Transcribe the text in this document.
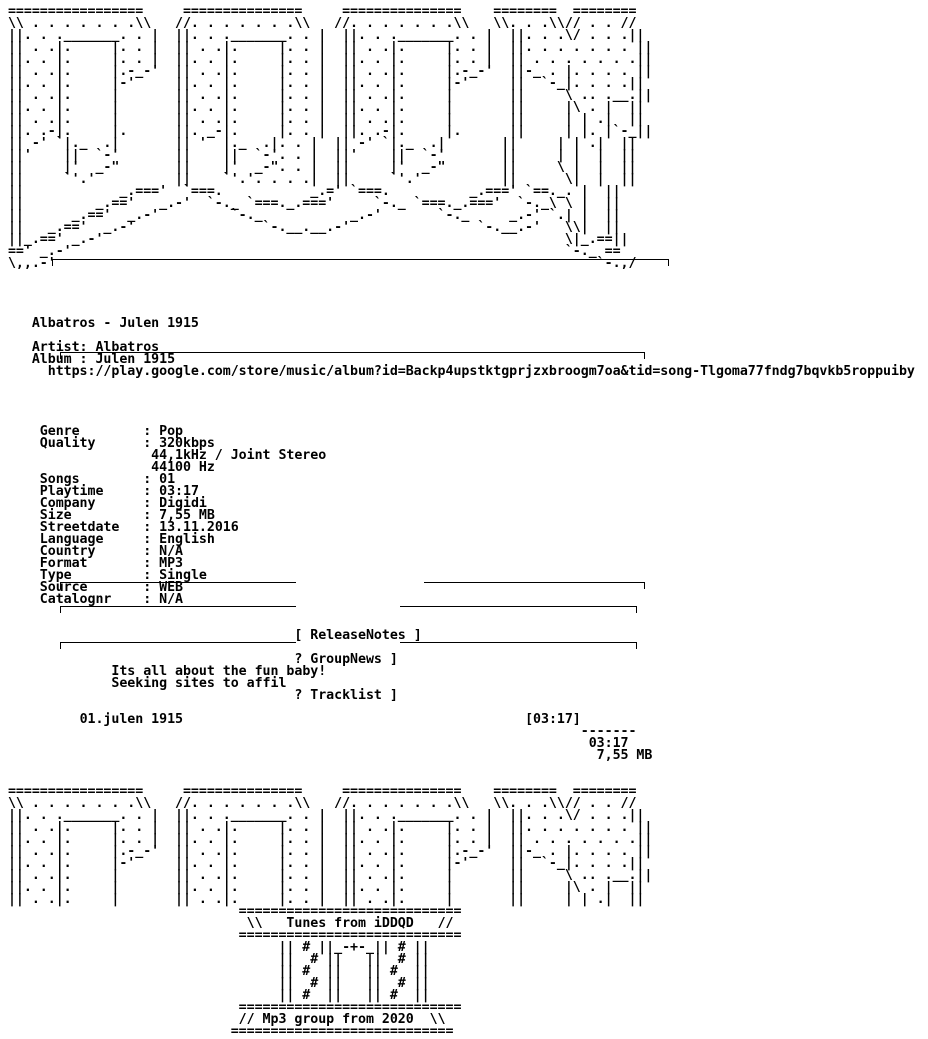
=================     ===============     ===============    ========  ========
\\ . . . . . . .\\   //. . . . . . .\\   //. . . . . . .\\   \\. . .\\// . . //
||. . ._______. . |  ||. . ._______. . |  ||. . ._______. . |  ||. . .\/ . . .||
|| . .|.     |. . |  || . .|.     |. . |  || . .|.     |. . |  ||. . . . . . . ||
||. . |.     |. . |  ||. . |.     |. . |  ||. . |.     |. . |  || . . . . . . .||
|| . .|.     |.-_-'  || . .|.     |. . |  || . .|.     |.-_-'  ||-_ . |. . . . ||
||. . |.     |-'     ||. . |.     |. . |  ||. . |.     |-'     ||  `-_|. . . .||
|| . .|.     |       || . .|.     |. . |  || . .|.     |       ||     \ .. .__.||
||. . |.     |       ||. . |.     |. . |  ||. . |.     |       ||     |\ . |  ||
|| . .|.     |       || . .|.     |. . |  || . .|.     |       ||     | | .|  ||
||. .-|.     |.      ||. _-|.     |. . |  ||. .-|.     |.      ||     | |. |`-_||
|| -' `|._  .|       || '  |._  .|. . |  || -' `|._  .|       ||     | | .|  ||
||'    ||  `-'       ||    ||  `-'. . |  ||'    ||  `-'       ||     | |  |  ||
||     |'  _-"       ||    |'  _-". . |  ||     |'  _-"       ||     \ |  |  ||
||     `'.'          ||    `'.'. . . .|  ||     `'.'          ||      \|  |  ||
||            _.==='  `===.           _.=' `===.          _.===' `==._. |  ||
||         _.=='   _.-'  `-._ `===._.==='     `-._ `===._.==='  `-._\ \ |  ||
||      _.=='  _.-'         `-._           _.-'       `-._     _.-' `.| |  ||
||   _.=='  _.-'                `-.__.__.-'                `-.__.-'   \\|  ||
||_.==' _.-'                                                          \|_.==||
==' _.-'                                                              `-._ ==
\,,.-'                                                                    `-.,/

Albatros - Julen 1915

Artist: Albatros
Album : Julen 1915
https://play.google.com/store/music/album?id=Backp4upstktgprjzxbroogm7oa&tid=song-Tlgoma77fndg7bqvkb5roppuiby

Genre        : Pop
Quality      : 320kbps
44,1kHz / Joint Stereo
44100 Hz
Songs        : 01
Playtime     : 03:17
Company      : Digidi
Size         : 7,55 MB
Streetdate   : 13.11.2016
Language     : English
Country      : N/A
Format       : MP3
Type         : Single
Source       : WEB
Catalognr    : N/A

[ ReleaseNotes ]

? GroupNews ]
Its all about the fun baby!
Seeking sites to affil
? Tracklist ]

01.julen 1915	[03:17]
-------
03:17
7,55 MB

=================     ===============     ===============    ========  ========
\\ . . . . . . .\\   //. . . . . . .\\   //. . . . . . .\\   \\. . .\\// . . //
||. . ._______. . |  ||. . ._______. . |  ||. . ._______. . |  ||. . .\/ . . .||
|| . .|.     |. . |  || . .|.     |. . |  || . .|.     |. . |  ||. . . . . . . ||
||. . |.     |. . |  ||. . |.     |. . |  ||. . |.     |. . |  || . . . . . . .||
|| . .|.     |.-_-'  || . .|.     |. . |  || . .|.     |.-_-'  ||-_ . |. . . . ||
||. . |.     |-'     ||. . |.     |. . |  ||. . |.     |-'     ||  `-_|. . . .||
|| . .|.     |       || . .|.     |. . |  || . .|.     |       ||     \ .. .__.||
||. . |.     |       ||. . |.     |. . |  ||. . |.     |       ||     |\ . |  ||
|| . .|.     |       || . .|.     |. . |  || . .|.     |       ||     | | .|  ||
============================
\\   Tunes from iDDQD   //
============================
|| # ||_-+-_|| # ||
||  # ||   ||  # ||
|| #  ||   || #  ||
||  # ||   ||  # ||
|| #  ||   || #  ||
============================
// Mp3 group from 2020  \\
============================
